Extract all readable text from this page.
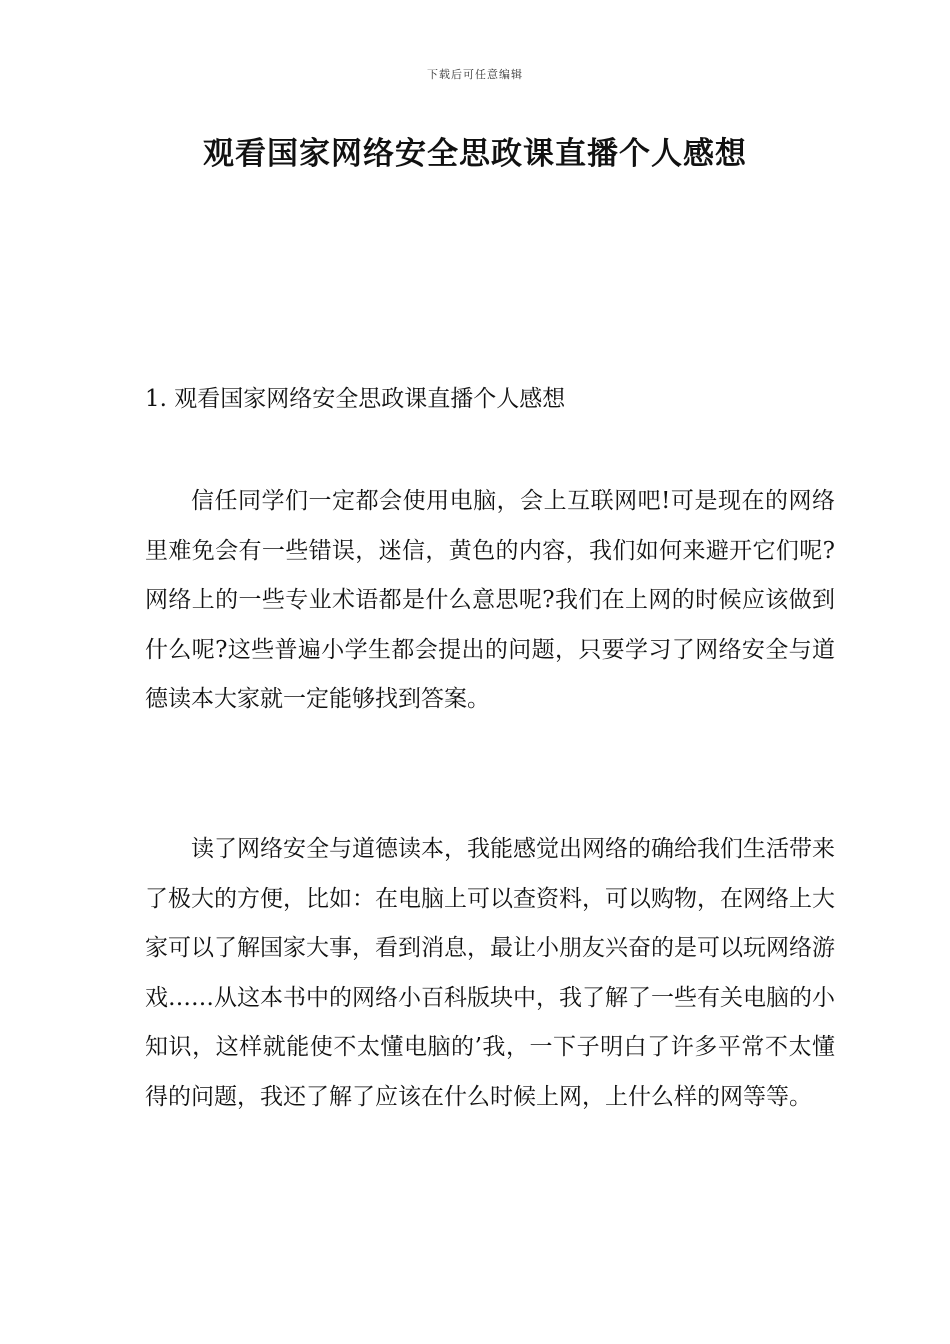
下载后可任意编辑
观看国家网络安全思政课直播个人感想
1. 观看国家网络安全思政课直播个人感想

信任同学们一定都会使用电脑，会上互联网吧!可是现在的网络里难免会有一些错误，迷信，黄色的内容，我们如何来避开它们呢?网络上的一些专业术语都是什么意思呢?我们在上网的时候应该做到什么呢?这些普遍小学生都会提出的问题，只要学习了网络安全与道德读本大家就一定能够找到答案。

读了网络安全与道德读本，我能感觉出网络的确给我们生活带来了极大的方便，比如：在电脑上可以查资料，可以购物，在网络上大家可以了解国家大事，看到消息，最让小朋友兴奋的是可以玩网络游戏……从这本书中的网络小百科版块中，我了解了一些有关电脑的小知识，这样就能使不太懂电脑的’我，一下子明白了许多平常不太懂得的问题，我还了解了应该在什么时候上网，上什么样的网等等。
